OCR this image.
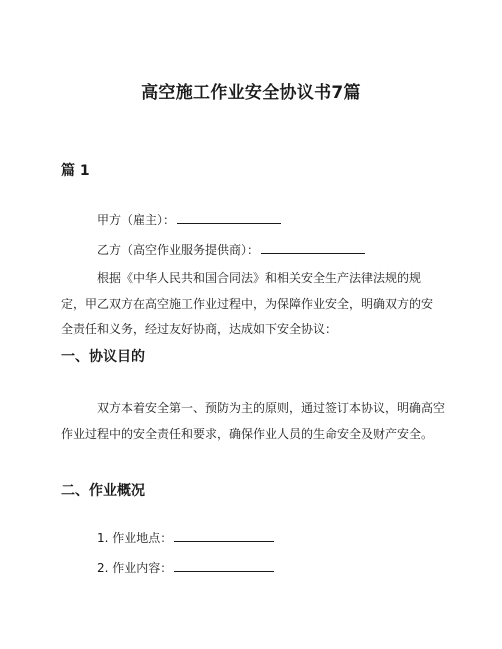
高空施工作业安全协议书7篇
篇 1
甲方（雇主）：
乙方（高空作业服务提供商）：
根据《中华人民共和国合同法》和相关安全生产法律法规的规定，甲乙双方在高空施工作业过程中，为保障作业安全，明确双方的安全责任和义务，经过友好协商，达成如下安全协议：
一、协议目的
双方本着安全第一、预防为主的原则，通过签订本协议，明确高空作业过程中的安全责任和要求，确保作业人员的生命安全及财产安全。
二、作业概况
1. 作业地点：
2. 作业内容：
